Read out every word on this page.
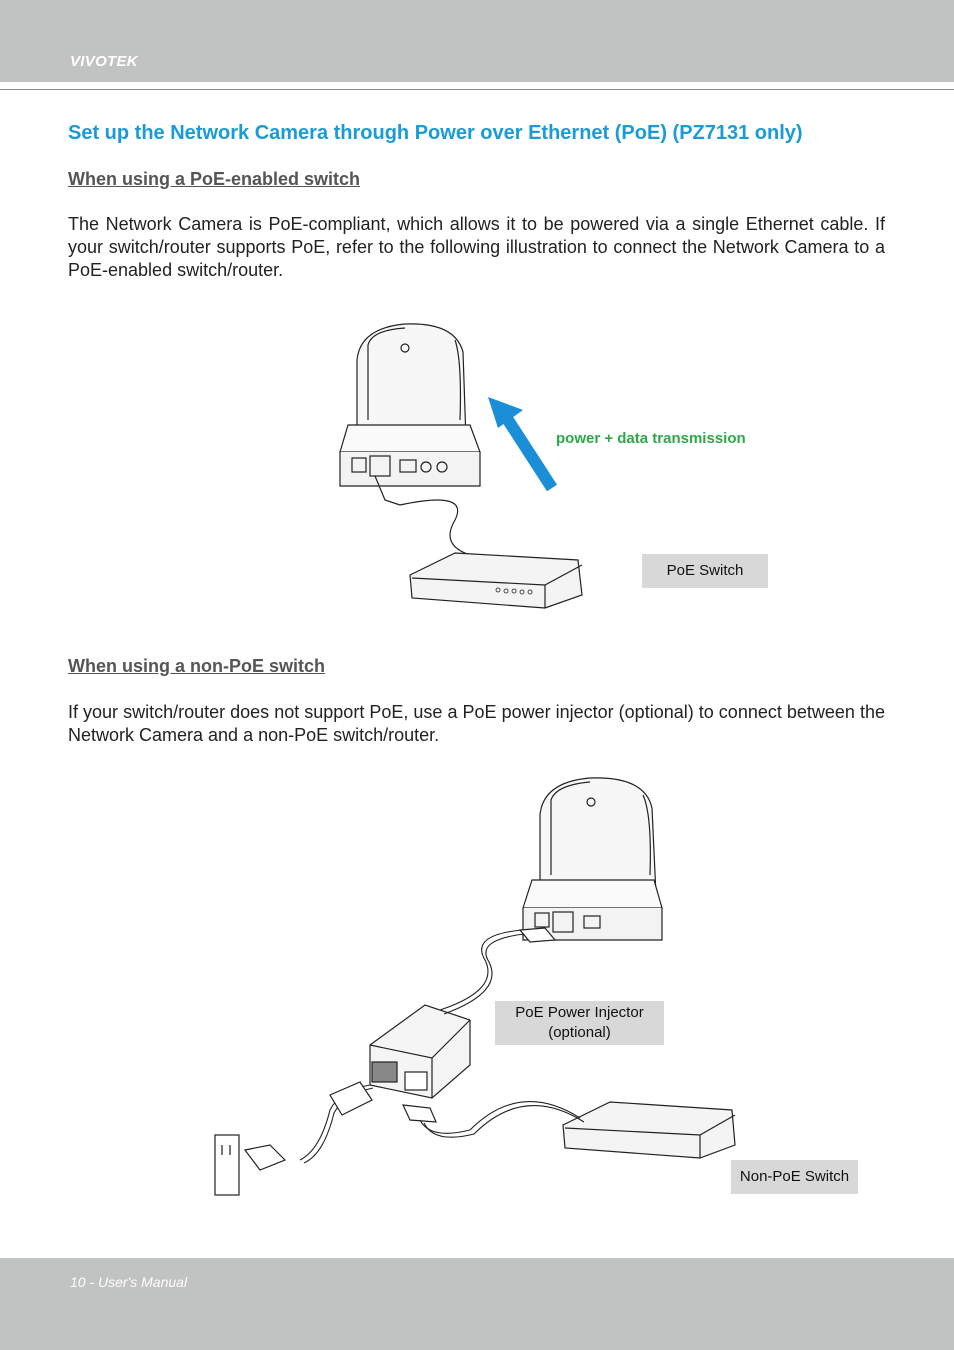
VIVOTEK
Set up the Network Camera through Power over Ethernet (PoE) (PZ7131 only)
When using a PoE-enabled switch
The Network Camera is PoE-compliant, which allows it to be powered via a single Ethernet cable. If your switch/router supports PoE, refer to the following illustration to connect the Network Camera to a PoE-enabled switch/router.
power + data transmission
PoE Switch
When using a non-PoE switch
If your switch/router does not support PoE, use a PoE power injector (optional) to connect between the Network Camera and a non-PoE switch/router.
PoE Power Injector
(optional)
Non-PoE Switch
10 - User's Manual
